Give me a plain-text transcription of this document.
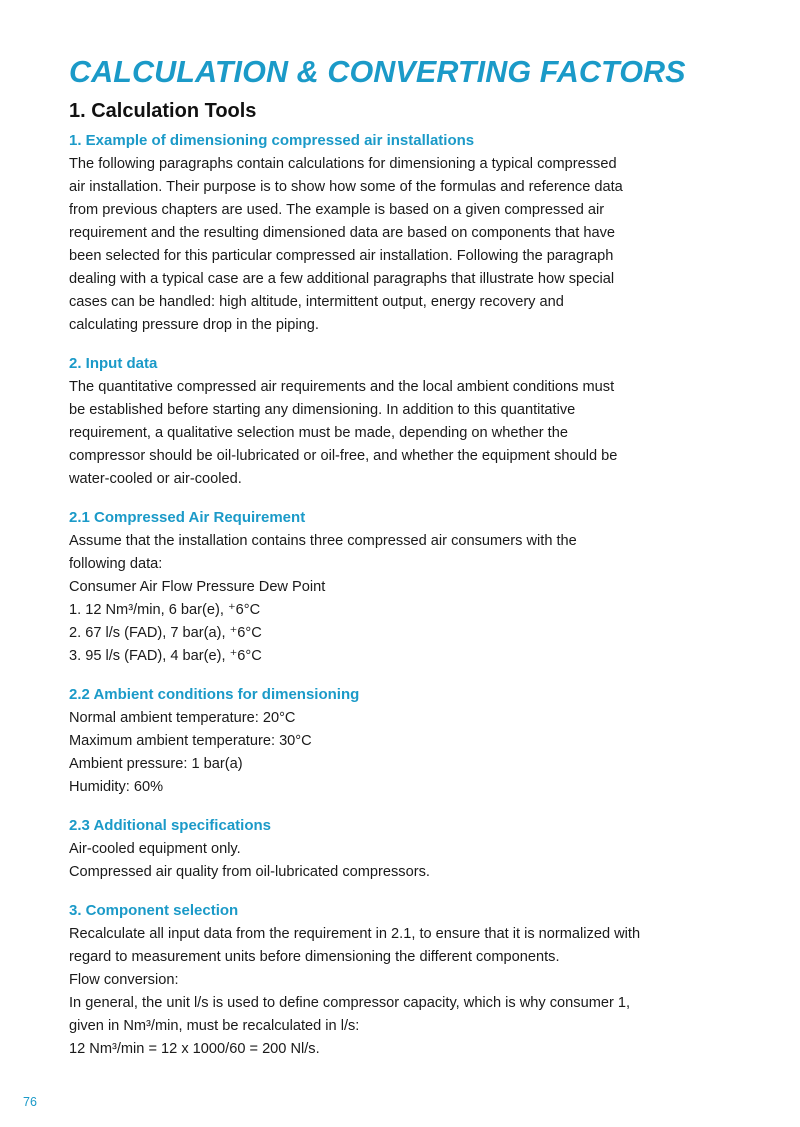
CALCULATION & CONVERTING FACTORS
1. Calculation Tools
1. Example of dimensioning compressed air installations
The following paragraphs contain calculations for dimensioning a typical compressed
air installation. Their purpose is to show how some of the formulas and reference data
from previous chapters are used. The example is based on a given compressed air
requirement and the resulting dimensioned data are based on components that have
been selected for this particular compressed air installation. Following the paragraph
dealing with a typical case are a few additional paragraphs that illustrate how special
cases can be handled: high altitude, intermittent output, energy recovery and
calculating pressure drop in the piping.
2. Input data
The quantitative compressed air requirements and the local ambient conditions must
be established before starting any dimensioning. In addition to this quantitative
requirement, a qualitative selection must be made, depending on whether the
compressor should be oil-lubricated or oil-free, and whether the equipment should be
water-cooled or air-cooled.
2.1 Compressed Air Requirement
Assume that the installation contains three compressed air consumers with the
following data:
Consumer Air Flow Pressure Dew Point
1. 12 Nm³/min, 6 bar(e), ⁺6°C
2. 67 l/s (FAD), 7 bar(a), ⁺6°C
3. 95 l/s (FAD), 4 bar(e), ⁺6°C
2.2 Ambient conditions for dimensioning
Normal ambient temperature: 20°C
Maximum ambient temperature: 30°C
Ambient pressure: 1 bar(a)
Humidity: 60%
2.3 Additional specifications
Air-cooled equipment only.
Compressed air quality from oil-lubricated compressors.
3. Component selection
Recalculate all input data from the requirement in 2.1, to ensure that it is normalized with
regard to measurement units before dimensioning the different components.
Flow conversion:
In general, the unit l/s is used to define compressor capacity, which is why consumer 1,
given in Nm³/min, must be recalculated in l/s:
12 Nm³/min = 12 x 1000/60 = 200 Nl/s.
76
